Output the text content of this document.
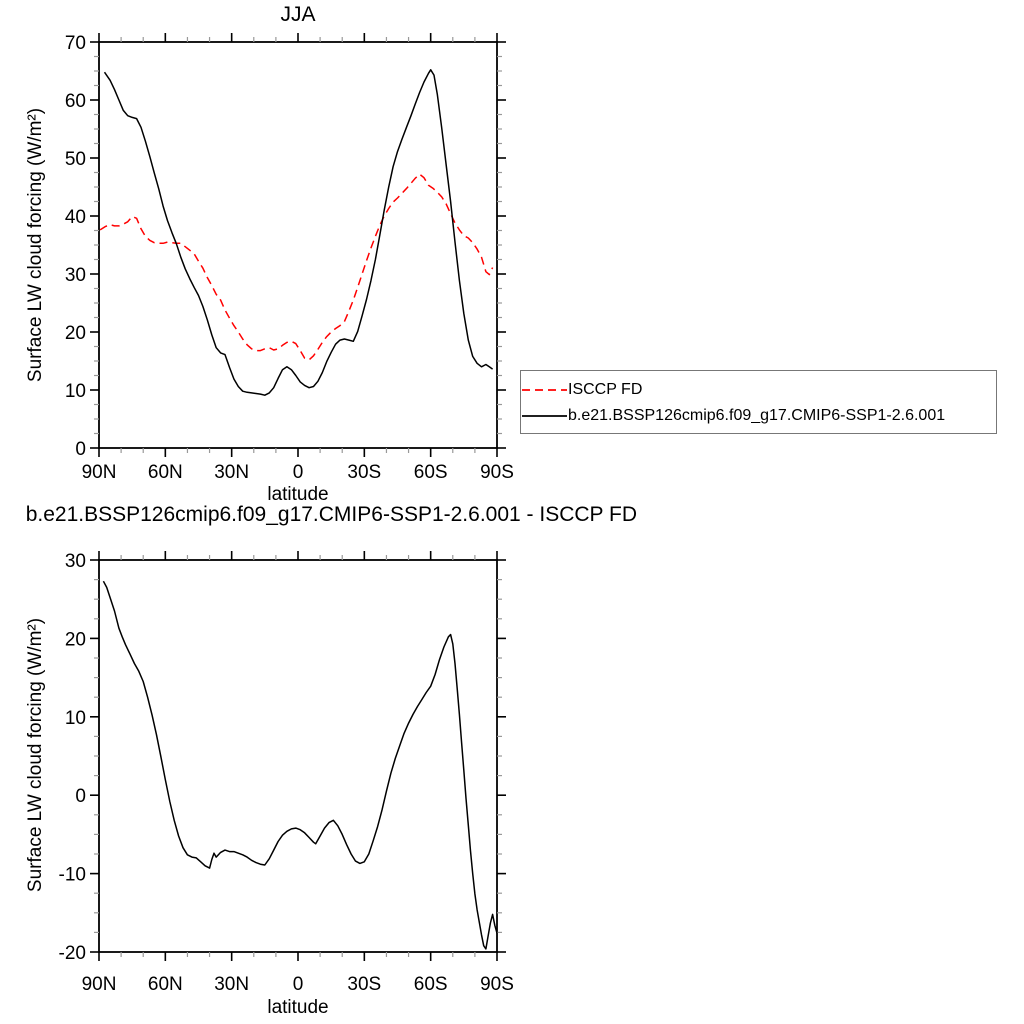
90N 60N 30N 0 30S 60S 90S
0
10
20
30
40
50
60
70
90N 60N 30N 0 30S 60S 90S
-20
-10
0
10
20
30
JJA
Surface LW cloud forcing (W/m²)
latitude
ISCCP FD
b.e21.BSSP126cmip6.f09_g17.CMIP6-SSP1-2.6.001
b.e21.BSSP126cmip6.f09_g17.CMIP6-SSP1-2.6.001 - ISCCP FD
Surface LW cloud forcing (W/m²)
latitude
